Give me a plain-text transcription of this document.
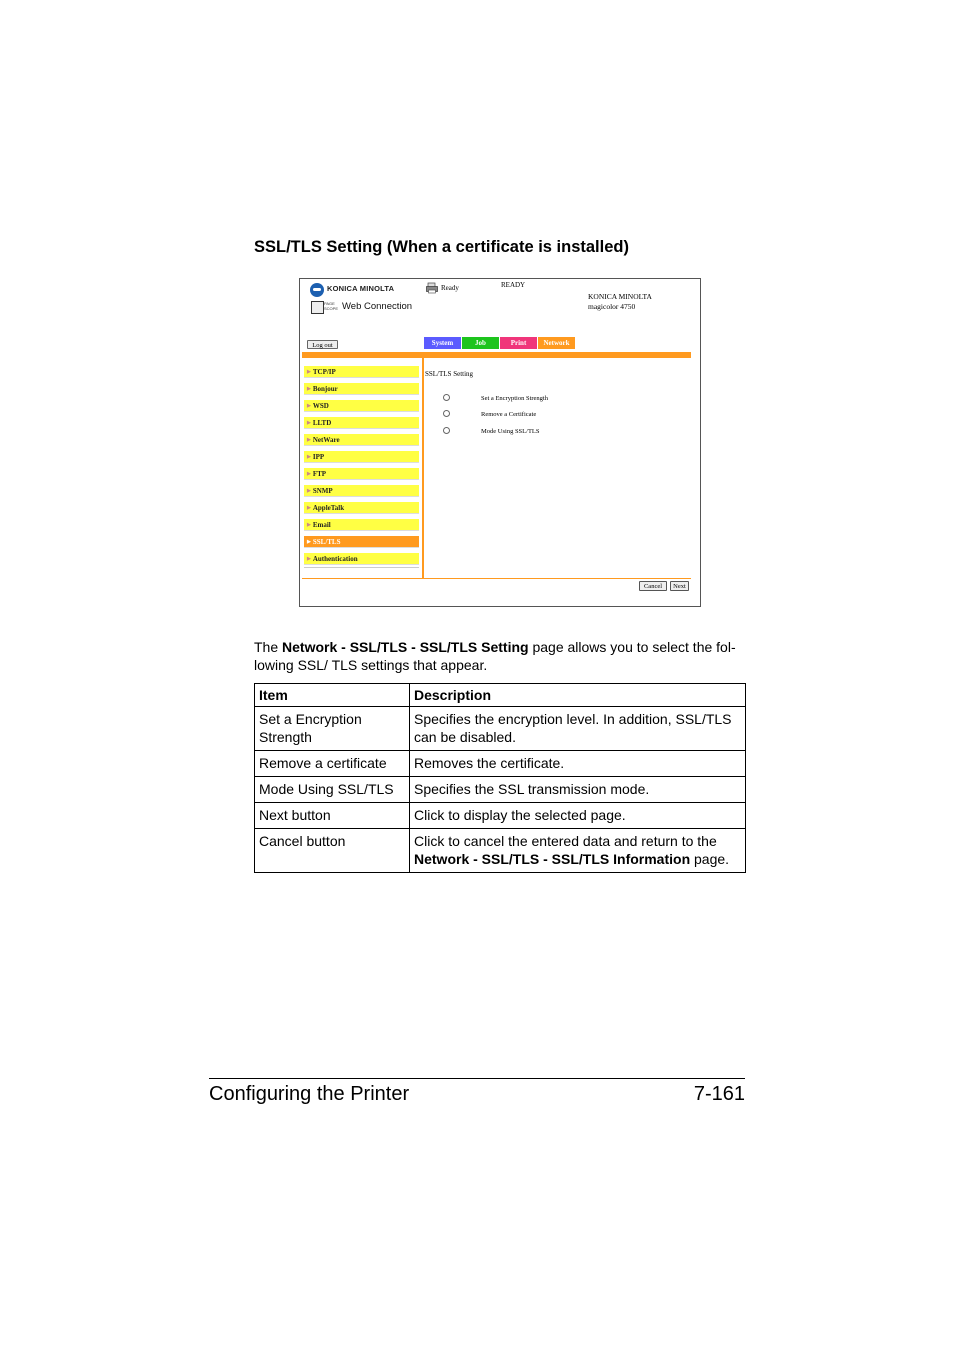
SSL/TLS Setting (When a certificate is installed)
KONICA MINOLTA
PAGE SCOPE Web Connection
Ready	READY
KONICA MINOLTA
magicolor 4750
Log out	System	Job	Print	Network
▶ TCP/IP
▶ Bonjour
▶ WSD
▶ LLTD
▶ NetWare
▶ IPP
▶ FTP
▶ SNMP
▶ AppleTalk
▶ Email
▶ SSL/TLS
▶ Authentication
SSL/TLS Setting
Set a Encryption Strength
Remove a Certificate
Mode Using SSL/TLS
Cancel	Next
The Network - SSL/TLS - SSL/TLS Setting page allows you to select the fol-lowing SSL/ TLS settings that appear.
Item	Description
Set a Encryption Strength	Specifies the encryption level. In addition, SSL/TLS can be disabled.
Remove a certificate	Removes the certificate.
Mode Using SSL/TLS	Specifies the SSL transmission mode.
Next button	Click to display the selected page.
Cancel button	Click to cancel the entered data and return to the Network - SSL/TLS - SSL/TLS Information page.
Configuring the Printer	7-161
